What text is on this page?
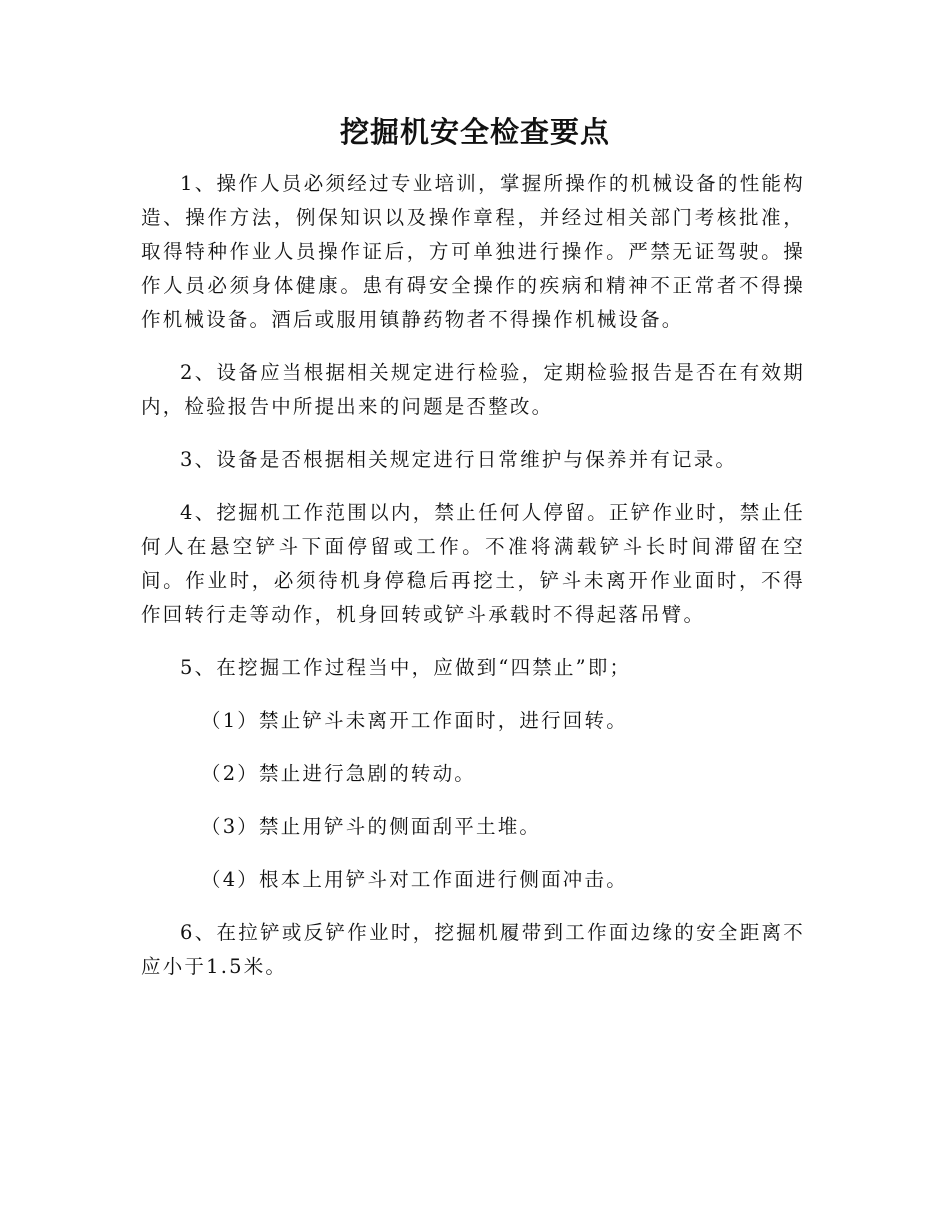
挖掘机安全检查要点

1、操作人员必须经过专业培训，掌握所操作的机械设备的性能构造、操作方法，例保知识以及操作章程，并经过相关部门考核批准，取得特种作业人员操作证后，方可单独进行操作。严禁无证驾驶。操作人员必须身体健康。患有碍安全操作的疾病和精神不正常者不得操作机械设备。酒后或服用镇静药物者不得操作机械设备。

2、设备应当根据相关规定进行检验，定期检验报告是否在有效期内，检验报告中所提出来的问题是否整改。

3、设备是否根据相关规定进行日常维护与保养并有记录。

4、挖掘机工作范围以内，禁止任何人停留。正铲作业时，禁止任何人在悬空铲斗下面停留或工作。不准将满载铲斗长时间滞留在空间。作业时，必须待机身停稳后再挖土，铲斗未离开作业面时，不得作回转行走等动作，机身回转或铲斗承载时不得起落吊臂。

5、在挖掘工作过程当中，应做到“四禁止”即；

（1）禁止铲斗未离开工作面时，进行回转。

（2）禁止进行急剧的转动。

（3）禁止用铲斗的侧面刮平土堆。

（4）根本上用铲斗对工作面进行侧面冲击。

6、在拉铲或反铲作业时，挖掘机履带到工作面边缘的安全距离不应小于1.5米。
